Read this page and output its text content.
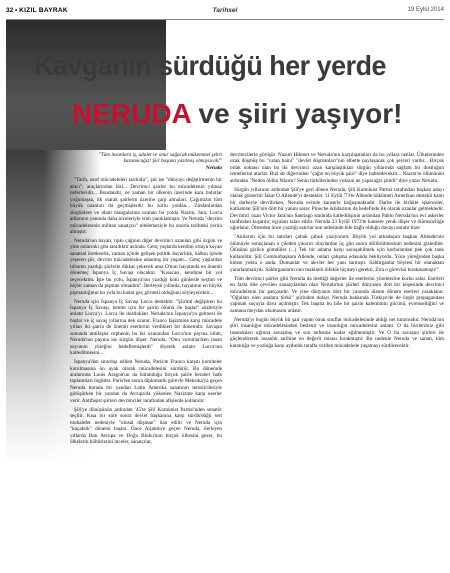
32 • KIZIL BAYRAK	Tarihsel	19 Eylül 2014
Kavganın sürdüğü her yerde
NERUDA ve şiiri yaşıyor!
"Tüm insanlara iş, adalet ve onur sağacak mükemmel şehri kazanacağız! Şiir boşuna yazılmış olmayacak!"
Neruda

"Tarih, sınıf mücadeleleri tarihidir", şiir ise "dünyayı değiştirmenin bir aracı", araçlarından biri... Devrimci şairler bu mücadelenin yılmaz neferleridir... Bundandır, ne zaman bir ülkenin üzerinde kara bulutlar yoğunlaşsa, ilk olarak şairlerin üzerine çarp almaları. Çağımızın tüm büyük ozanları da geçmişlerdir bu zorlu yoldan... Zindanlardan sürgünlere ve idam mangalarına uzanan bu yolda Nazım, Jara, Lorca adlarının yanında daha niceleriyle isim yanıklamıştır. Ve Neruda "devrim mücadelesinin militan sanatçısı" nitelemesiyle bu onurlu tarihteki yerini almıştır.

Neruda'nın hayatı, tıpkı çağının diğer devrimci ozanları gibi özgün ve yine onlarınki gibi tanıdıktır aslında. Genç yaşlarda kendini ortaya koyan sanatsal üretkenlik, zaman içinde gelişen politik duyarlılık, halkın içinde yeşeren şiir, devrim mücadelesine adanmış bir yaşam... Genç yaşlardan itibaren yazdığı şiirlerle dikkat çekecek ama O'nun hayatında en önemli dönemeç İspanya İç Savaşı olacaktır. "Kısacası, kendime bir yol seçecektim. İşte bu yolu, İspanya'nın yazdığı kötü günlerde seçtim ve hiçbir zaman da pişman olmadım". İlerleyen yıllarda, hayatının en büyük pişmanlığının bu yola bu kadar geç girmesi olduğunu söyleyecektir...

Neruda için İspanya İç Savaşı Lorca demektir. "Şiirimi değiştiren bu İspanya İç Savaşı, benim için bir şairin ölümü ile başlar" sözleriyle anlatır Lorca'yı. Lorca ile dostlukları Neruda'nın İspanya'ya gelmesi ile başlar ve iç savaş yıllarına dek uzanır. Franco faşizmine karşı mücadele yılları iki şairin de önemli eserlerini verdikleri bir dönemdir. Savaşın sonunda antifaşist cephenin bu iki ozanından Lorca'nın payına ölüm, Neruda'nın payına ise sürgün düşer. Neruda, "Onu vurunlar/ken insan soyunun yüreğini hedeflemişlerdi" diyerek anlatır Lorca'nın katledilmesini...

İspanya'dan sınırdışı edilen Neruda, Paris'te Franco karşıtı komiteler kurulmasına ön ayak olarak mücadelesini sürdürür. Bu dönemde aralarında Louis Aragon'un da bulunduğu birçok şairle beraber halk toplantıları örgütler. Paris'ten sonra diplomatik görevle Meksika'ya geçen Neruda burada bir yandan Latin Amerika sanatının temsilcileriyle görüşürken bir yandan da Avrupa'da yükselen Nazizme karşı eserler verir. Antifaşist şiirleri devrimciler tarafından afişlerde kullanılır.

Şili'ye dönüşünün ardından '45'te Şili Komünist Partisi'nden senatör seçilir. Kısa bir süre sonra deviet başkanına karşı sürdürdüğü sert muhalefet nedeniyle "ulusal düşman" ilan edilir ve Neruda için "kaçaklık" dönemi başlar. Önce Arjantin'e geçen Neruda, ilerleyen yıllarda Batı Avrupa ve Doğu Bloku'nun birçok ülkesini gezer, bu ülkelerin kültürlerini inceler, sanatçılar,

devrimcilerle görüşür. Nazım Hikmet ve Neruda'nın karşılaşmaları da bu yıllara rastlar. Ülkelerinden uzak düşmüş bu "vatan haini" "devlet düşmanları"nın elbette paylaşacak çok şeyleri vardır... Birçok ortak noktası olan bu iki devrimci ozan karşılaştıkları sürgün yıllarında sağlam bir dostluğun temellerini atarlar. Bizi de diğerinden "çağın en büyük şairi" diye bahsedecektir... Nazım'ın ölümünün ardından "Neden öldün Nâzım? Senin türkülerinden yoksun ne yapacağız şimdi" diye yazar Neruda.

Sürgün yıllarının ardından Şili'ye geri dönen Neruda, Şili Komünist Partisi tarafından başkan adayı olarak gösterilir fakat O Allende'yi destekler. 11 Eylül '73'te Allende hükümeti Amerikan destekli kanlı bir darbeyle devrilirken, Neruda evinde kanserle boğuşmaktadır. Darbe ile birlikte işkenceler, katliamlar Şili'nin dört bir yanını sarar. Pinoche iktidarının da hedefinde ilk olarak ozanlar gelmektedir. Devrimci ozan Victor Jara'nın Santiago stadında katledilişinin ardından Pablo Neruda'nın evi askerler tarafından kuşatılır, eşyaları talan edilir. Neruda 23 Eylül 1973'te kansere yenik düşer ve ölümsüzlüğe uğurlanır. Ölmeden önce yazdığı satırlar son nefesinde bile bağlı olduğu davayı anlatır bize:

"Anılarım için bu satırları çabuk çabuk yazıyorum. Büyük yol arkadaşım başkan Allende'nin ölümüyle sonuçlanan o çileden çıkarıcı olaylardan üç gün sonra döllürülmesinin nedenini gizlediler. Ölüsünü gizlice gömdüler (...) Tek bir adama karşı savaşabilmek için kurbulardan pek çok tank kullanıldır. Şili Cumhurbaşkanı Allende, onları çalışma odasında bekliyordu. Yüce yüreğinden başka kimse yoktu o anda. Dumanlar ve alevler her yanı sarmıştı. Saldırganlar böylesi bir olanaktan yararlanmalıydı. Saldırganların onu makineli tüfekle hiçmeyi gerekti. Zira o görevini bırakmamıştı!"

Tüm devrimci şairler gibi Neruda da ürettiği değerler ile eserlerini yürekterine korku salar. Eserleri en fazla dile çevrilen sanatçılardan olan Neruda'nın şiirleri dünyanın dört bir köşesinde devrimci mücadelenin bir parçasıdır. Ve yine dünyanın dört bir yanında ölenm dönem eserleri yasaklanır. "Oğulları olen analara türkü" şiirinden dolayı Neruda hakkında Türkiye'de de örgüt propagandası yapmak suçuyla dava açılmıştır. Tek başına bu bile bir şairin kalemimin gücünü, evrenselliğini ve zamana meydan okumasını anlatır.

Neruda'yı bugün büyük bir şair yapan onun sınıflar mücadelesinde aldığı net tutumudur. Neruda'nın şiiri insanlığın mücadelesinden beslenir ve insanlığın mücadelesini anlatır. O da birilerimiz gibi insandaları uğruna savaşmış ve son nefesine kadar eğilmemiştir. Ve O bu savaşını şiirleri ile güçlendirerek insanlık tarihine en değerli mirası bırakmıştır. Bu nedenle Neruda ve sanatı, tüm karanlığa ve yozluğa karşı aydınlık tarafta verilen mücadelede yaşamayı sürdürecektir.
